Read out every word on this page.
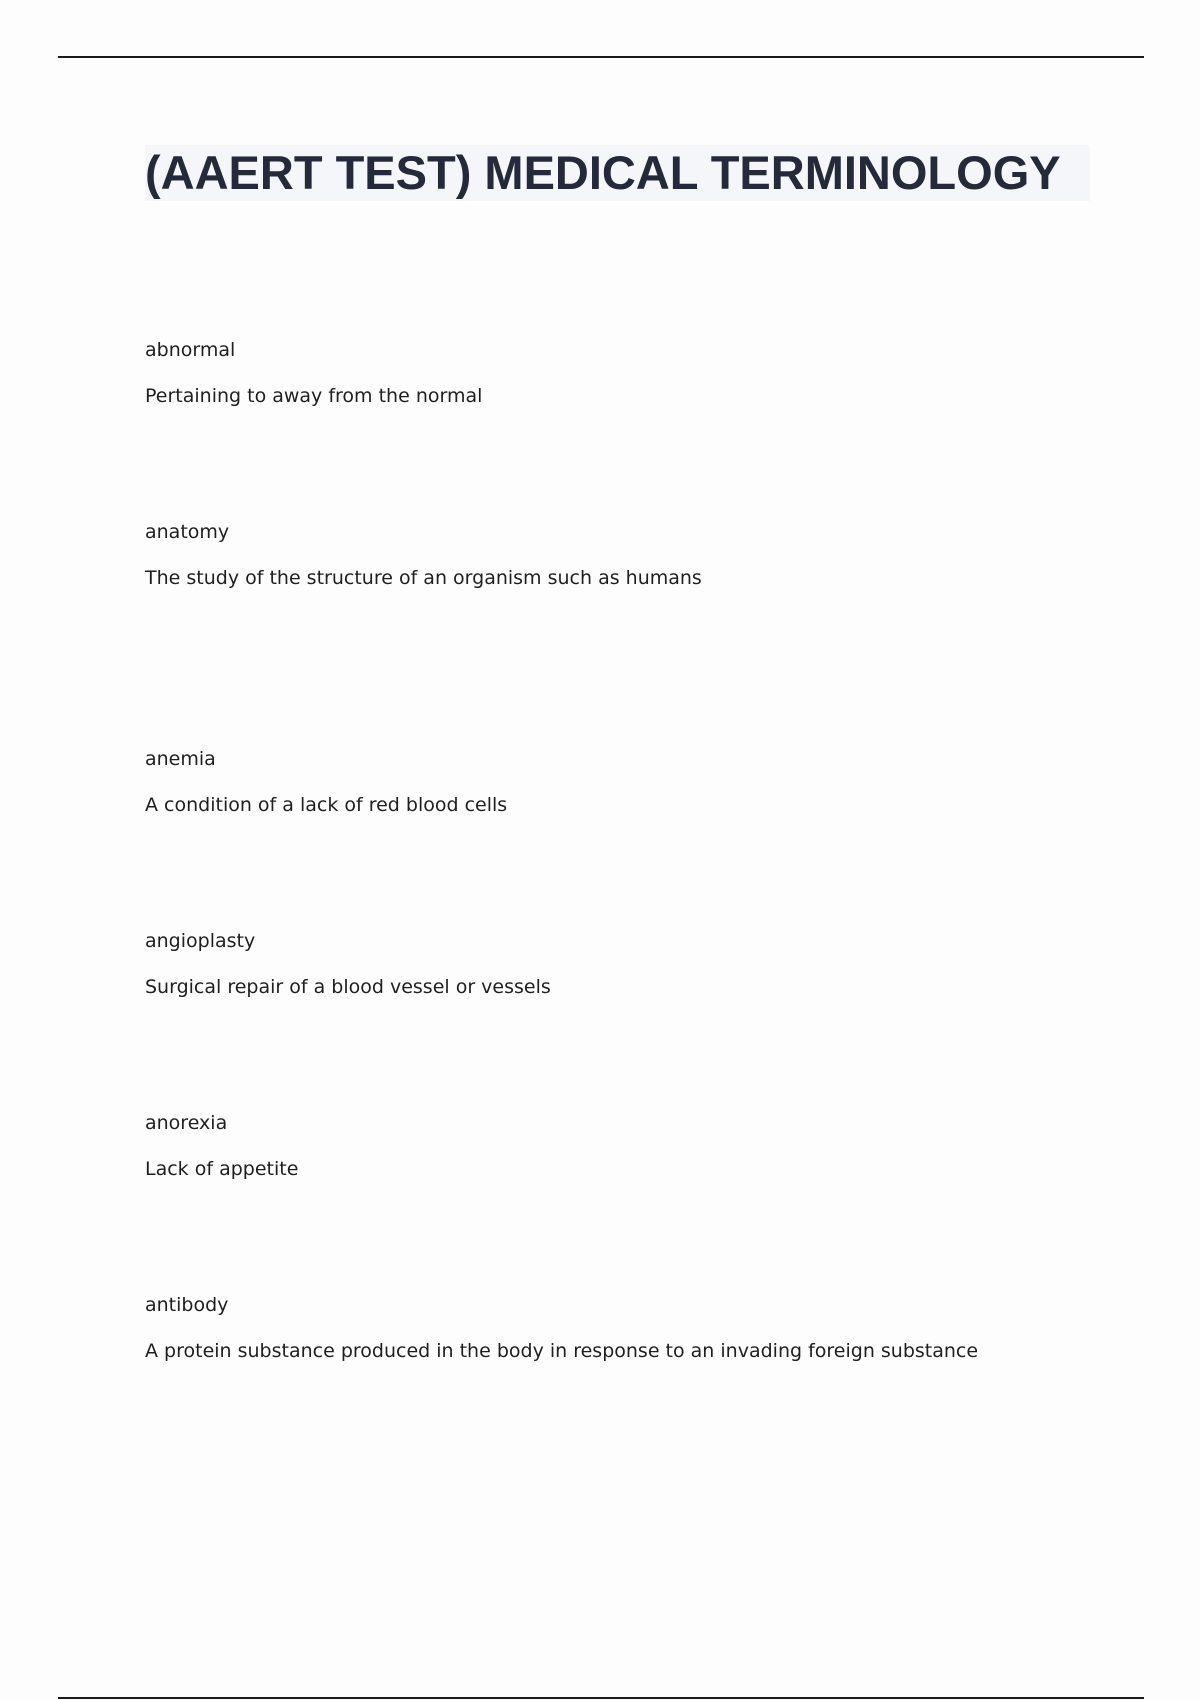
(AAERT TEST) MEDICAL TERMINOLOGY

abnormal

Pertaining to away from the normal

anatomy

The study of the structure of an organism such as humans

anemia

A condition of a lack of red blood cells

angioplasty

Surgical repair of a blood vessel or vessels

anorexia

Lack of appetite

antibody

A protein substance produced in the body in response to an invading foreign substance
